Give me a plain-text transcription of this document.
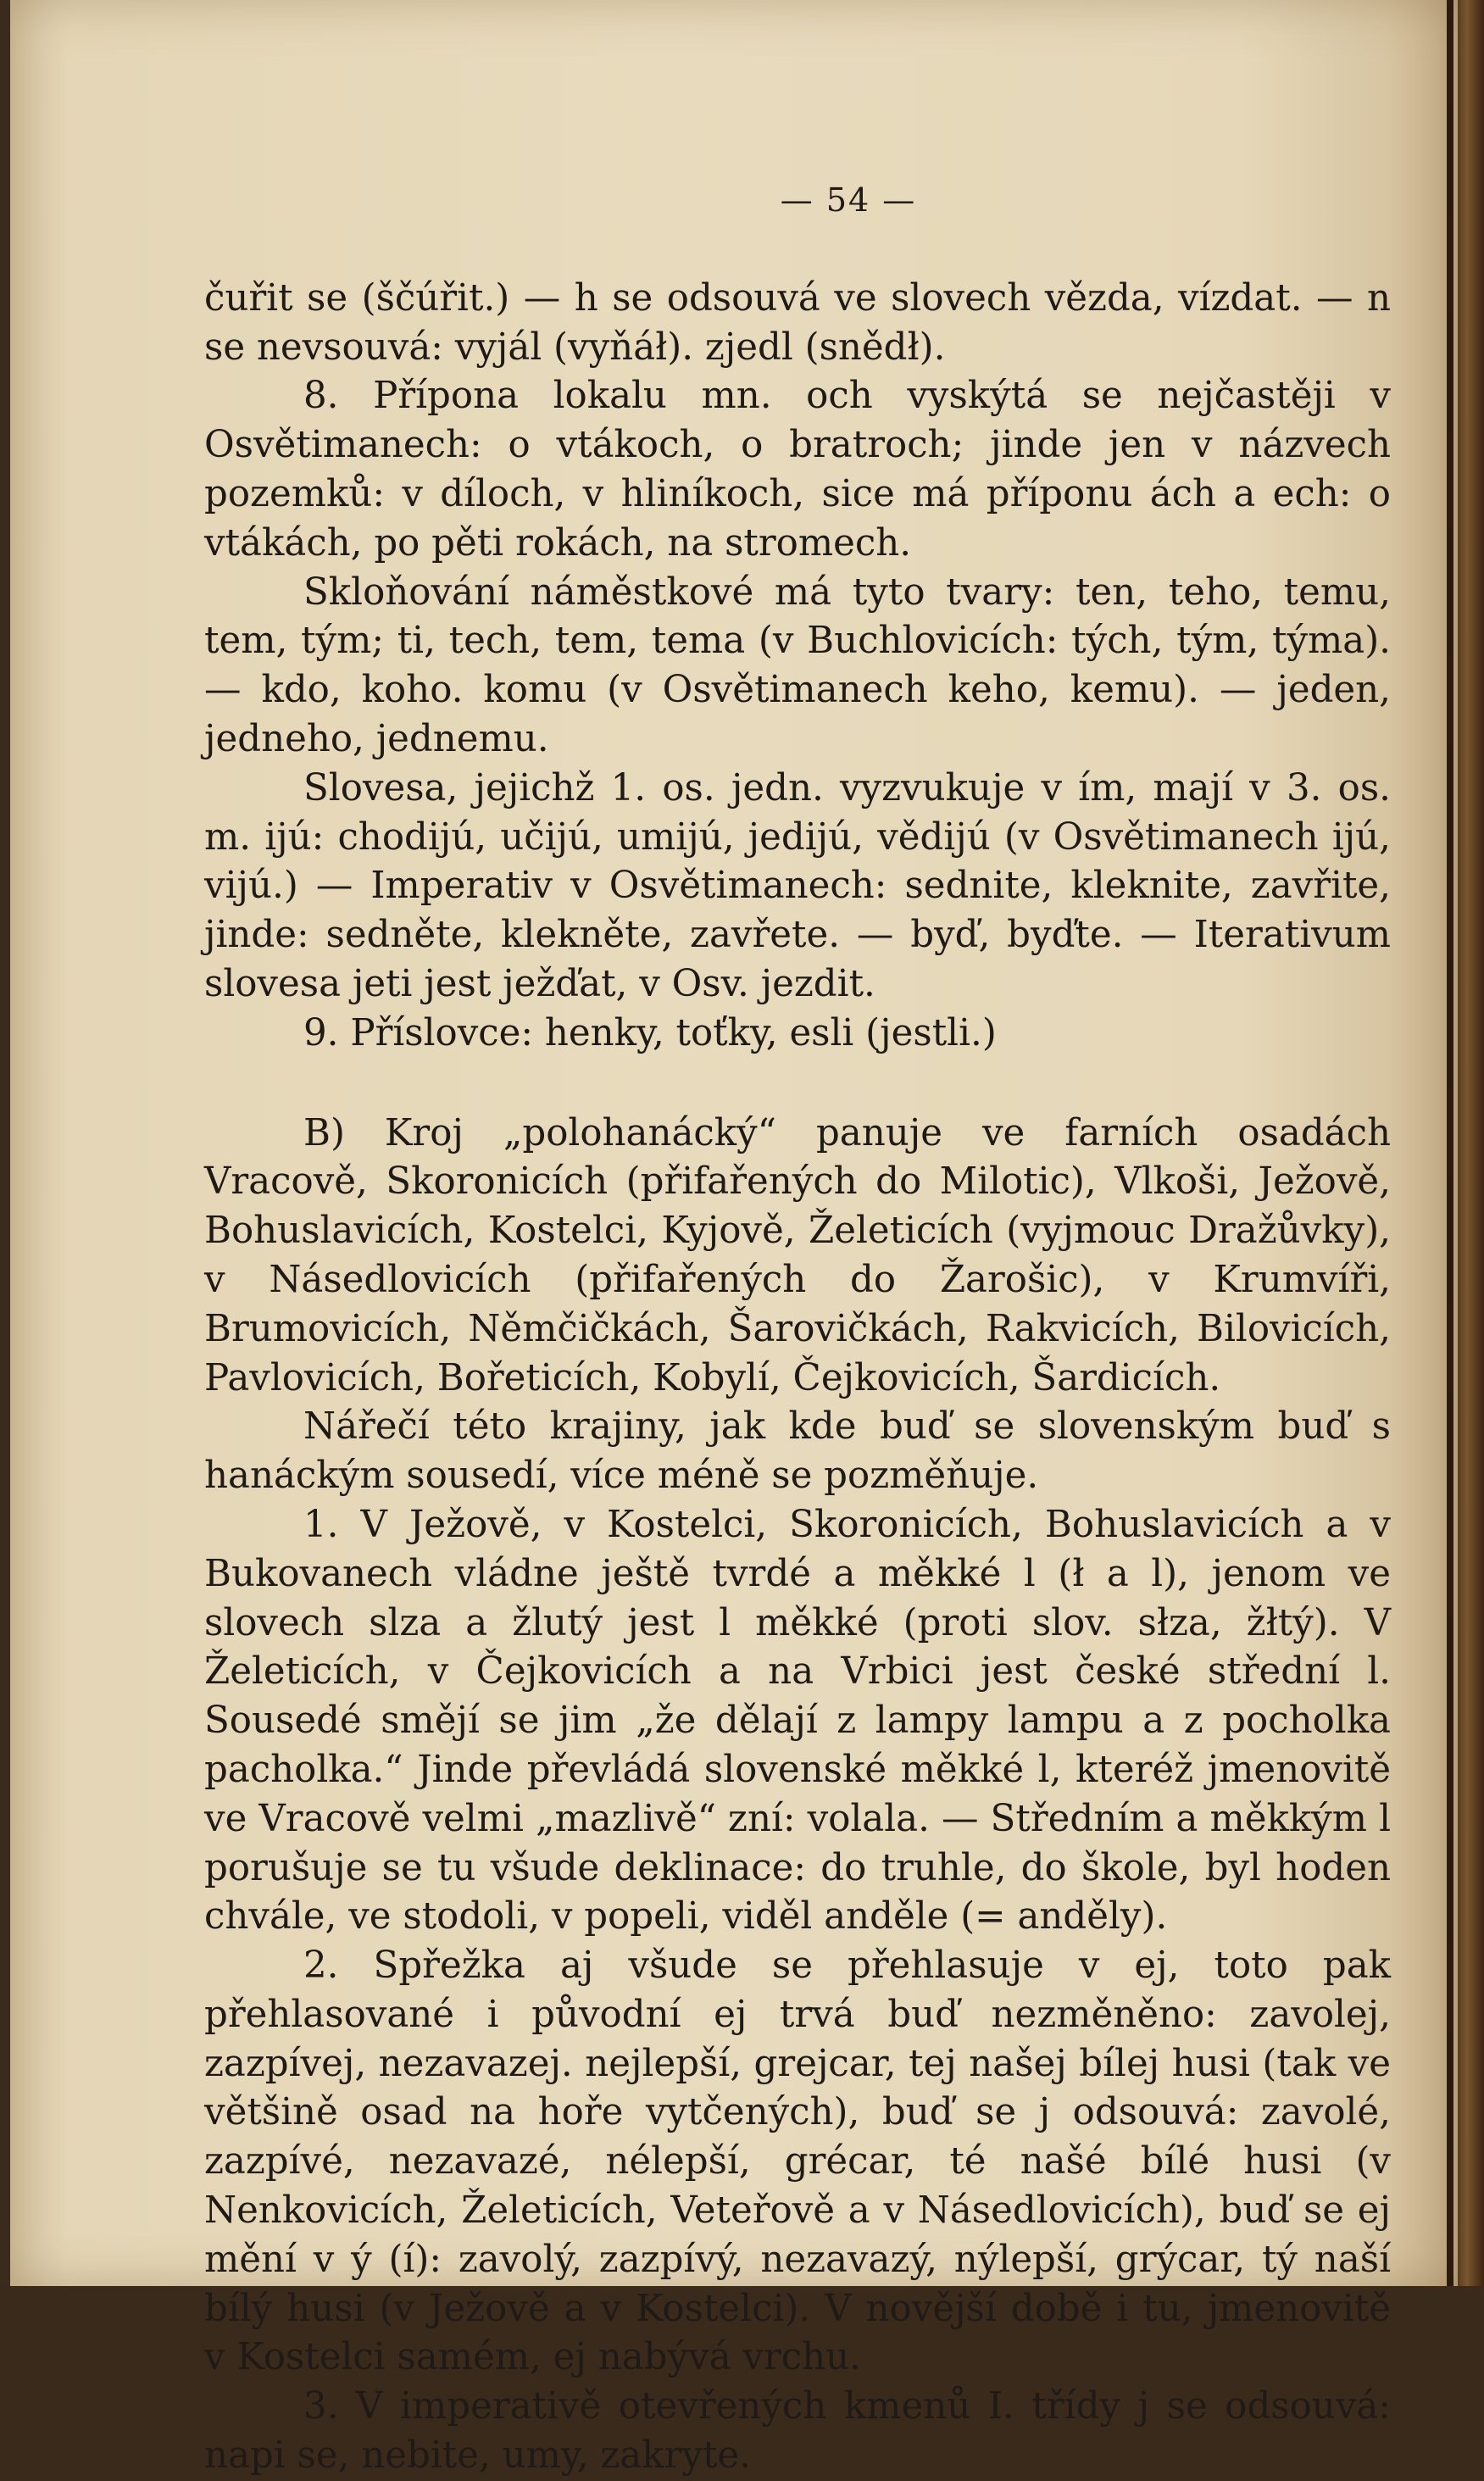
— 54 —

čuřit se (ščúřit.) — h se odsouvá ve slovech vězda, vízdat. — n se nevsouvá: vyjál (vyňáł). zjedl (snědł).

8. Přípona lokalu mn. och vyskýtá se nejčastěji v Osvětimanech: o vtákoch, o bratroch; jinde jen v názvech pozemků: v díloch, v hliníkoch, sice má příponu ách a ech: o vtákách, po pěti rokách, na stromech.

Skloňování náměstkové má tyto tvary: ten, teho, temu, tem, tým; ti, tech, tem, tema (v Buchlovicích: tých, tým, týma). — kdo, koho. komu (v Osvětimanech keho, kemu). — jeden, jedneho, jednemu.

Slovesa, jejichž 1. os. jedn. vyzvukuje v ím, mají v 3. os. m. ijú: chodijú, učijú, umijú, jedijú, vědijú (v Osvětimanech ijú, vijú.) — Imperativ v Osvětimanech: sednite, kleknite, zavřite, jinde: sedněte, klekněte, zavřete. — byď, byďte. — Iterativum slovesa jeti jest ježďat, v Osv. jezdit.

9. Příslovce: henky, toťky, esli (jestli.)

B) Kroj „polohanácký“ panuje ve farních osadách Vracově, Skoronicích (přifařených do Milotic), Vlkoši, Ježově, Bohuslavicích, Kostelci, Kyjově, Želeticích (vyjmouc Dražůvky), v Násedlovicích (přifařených do Žarošic), v Krumvíři, Brumovicích, Němčičkách, Šarovičkách, Rakvicích, Bilovicích, Pavlovicích, Bořeticích, Kobylí, Čejkovicích, Šardicích.

Nářečí této krajiny, jak kde buď se slovenským buď s hanáckým sousedí, více méně se pozměňuje.

1. V Ježově, v Kostelci, Skoronicích, Bohuslavicích a v Bukovanech vládne ještě tvrdé a měkké l (ł a l), jenom ve slovech slza a žlutý jest l měkké (proti slov. słza, žłtý). V Želeticích, v Čejkovicích a na Vrbici jest české střední l. Sousedé smějí se jim „že dělají z lampy lampu a z pocholka pacholka.“ Jinde převládá slovenské měkké l, kteréž jmenovitě ve Vracově velmi „mazlivě“ zní: volala. — Středním a měkkým l porušuje se tu všude deklinace: do truhle, do škole, byl hoden chvále, ve stodoli, v popeli, viděl anděle (= anděly).

2. Spřežka aj všude se přehlasuje v ej, toto pak přehlasované i původní ej trvá buď nezměněno: zavolej, zazpívej, nezavazej. nejlepší, grejcar, tej našej bílej husi (tak ve většině osad na hoře vytčených), buď se j odsouvá: zavolé, zazpívé, nezavazé, nélepší, grécar, té našé bílé husi (v Nenkovicích, Želeticích, Veteřově a v Násedlovicích), buď se ej mění v ý (í): zavolý, zazpívý, nezavazý, nýlepší, grýcar, tý naší bílý husi (v Ježově a v Kostelci). V novější době i tu, jmenovitě v Kostelci samém, ej nabývá vrchu.

3. V imperativě otevřených kmenů I. třídy j se odsouvá: napi se, nebite, umy, zakryte.
